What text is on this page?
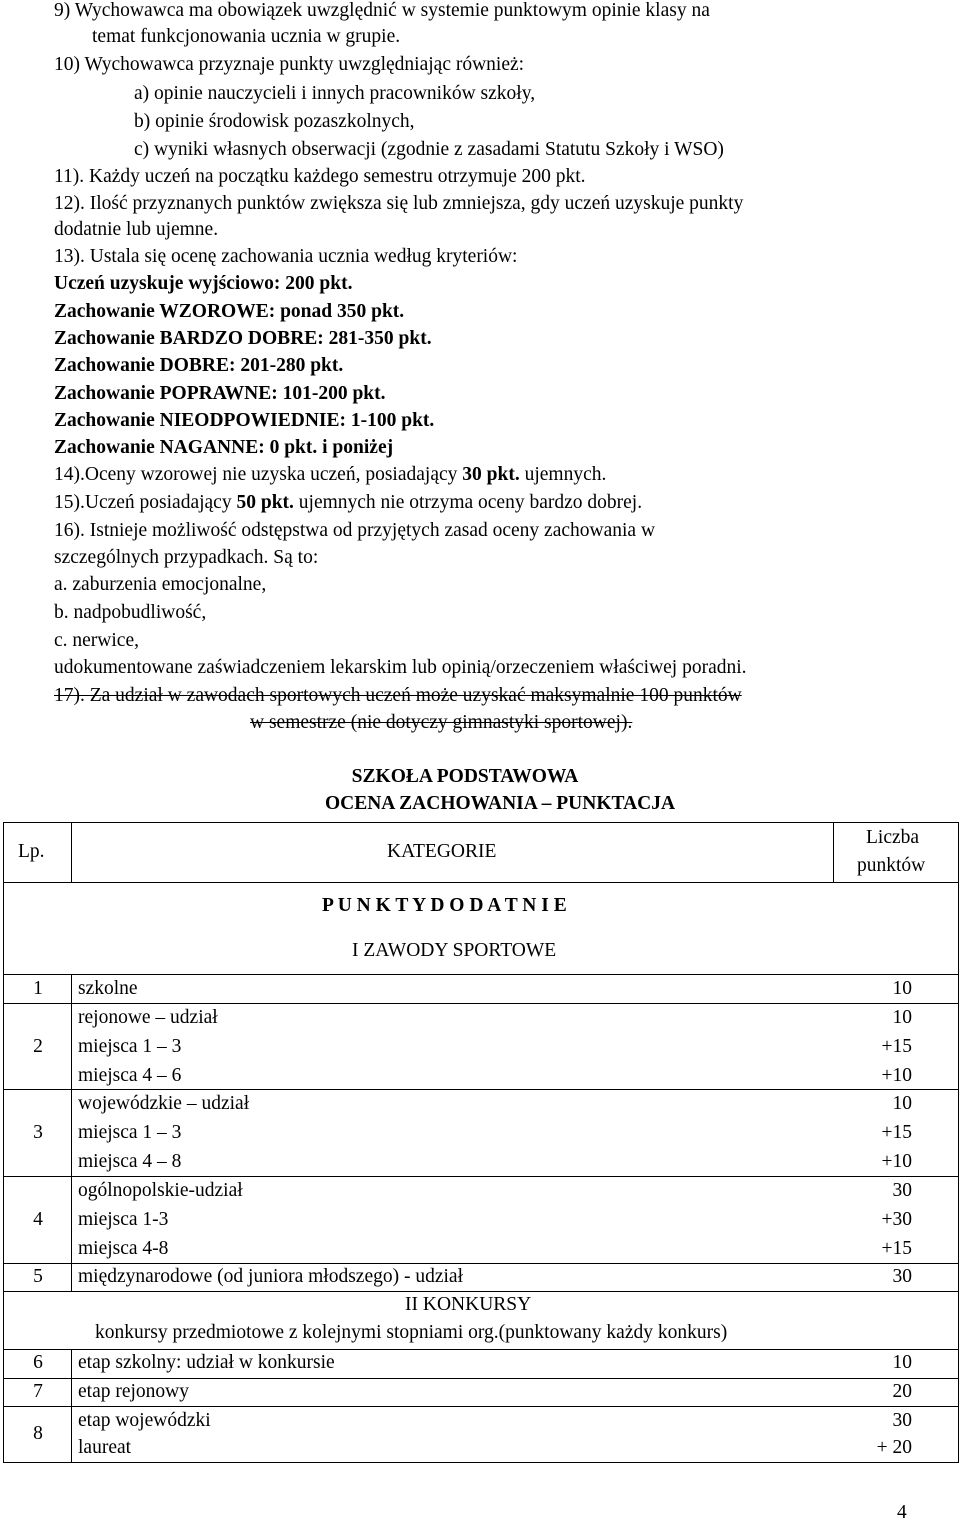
9) Wychowawca ma obowiązek uwzględnić w systemie punktowym opinie klasy na
temat funkcjonowania ucznia w grupie.
10) Wychowawca przyznaje punkty uwzględniając również:
a) opinie nauczycieli i innych pracowników szkoły,
b) opinie środowisk pozaszkolnych,
c) wyniki własnych obserwacji (zgodnie z zasadami Statutu Szkoły i WSO)
11). Każdy uczeń na początku każdego semestru otrzymuje 200 pkt.
12). Ilość przyznanych punktów zwiększa się lub zmniejsza, gdy uczeń uzyskuje punkty
dodatnie lub ujemne.
13). Ustala się ocenę zachowania ucznia według kryteriów:
Uczeń uzyskuje wyjściowo: 200 pkt.
Zachowanie WZOROWE: ponad 350 pkt.
Zachowanie BARDZO DOBRE: 281-350 pkt.
Zachowanie DOBRE: 201-280 pkt.
Zachowanie POPRAWNE: 101-200 pkt.
Zachowanie NIEODPOWIEDNIE: 1-100 pkt.
Zachowanie NAGANNE: 0 pkt. i poniżej
14).Oceny wzorowej nie uzyska uczeń, posiadający 30 pkt. ujemnych.
15).Uczeń posiadający 50 pkt. ujemnych nie otrzyma oceny bardzo dobrej.
16). Istnieje możliwość odstępstwa od przyjętych zasad oceny zachowania w
szczególnych przypadkach. Są to:
a. zaburzenia emocjonalne,
b. nadpobudliwość,
c. nerwice,
udokumentowane zaświadczeniem lekarskim lub opinią/orzeczeniem właściwej poradni.
17). Za udział w zawodach sportowych uczeń może uzyskać maksymalnie 100 punktów
w semestrze (nie dotyczy gimnastyki sportowej).
SZKOŁA PODSTAWOWA
OCENA ZACHOWANIA – PUNKTACJA
Lp.	KATEGORIE
Liczba
punktów
P U N K T Y D O D A T N I E
I ZAWODY SPORTOWE
1 szkolne	10
2
rejonowe – udział	10
miejsca 1 – 3	+15
miejsca 4 – 6	+10
3
wojewódzkie – udział	10
miejsca 1 – 3	+15
miejsca 4 – 8	+10
4
ogólnopolskie-udział	30
miejsca 1-3	+30
miejsca 4-8	+15
5 międzynarodowe (od juniora młodszego) - udział	30
II KONKURSY
konkursy przedmiotowe z kolejnymi stopniami org.(punktowany każdy konkurs)
6 etap szkolny: udział w konkursie	10
7 etap rejonowy	20
8
etap wojewódzki	30
laureat	+ 20
4
